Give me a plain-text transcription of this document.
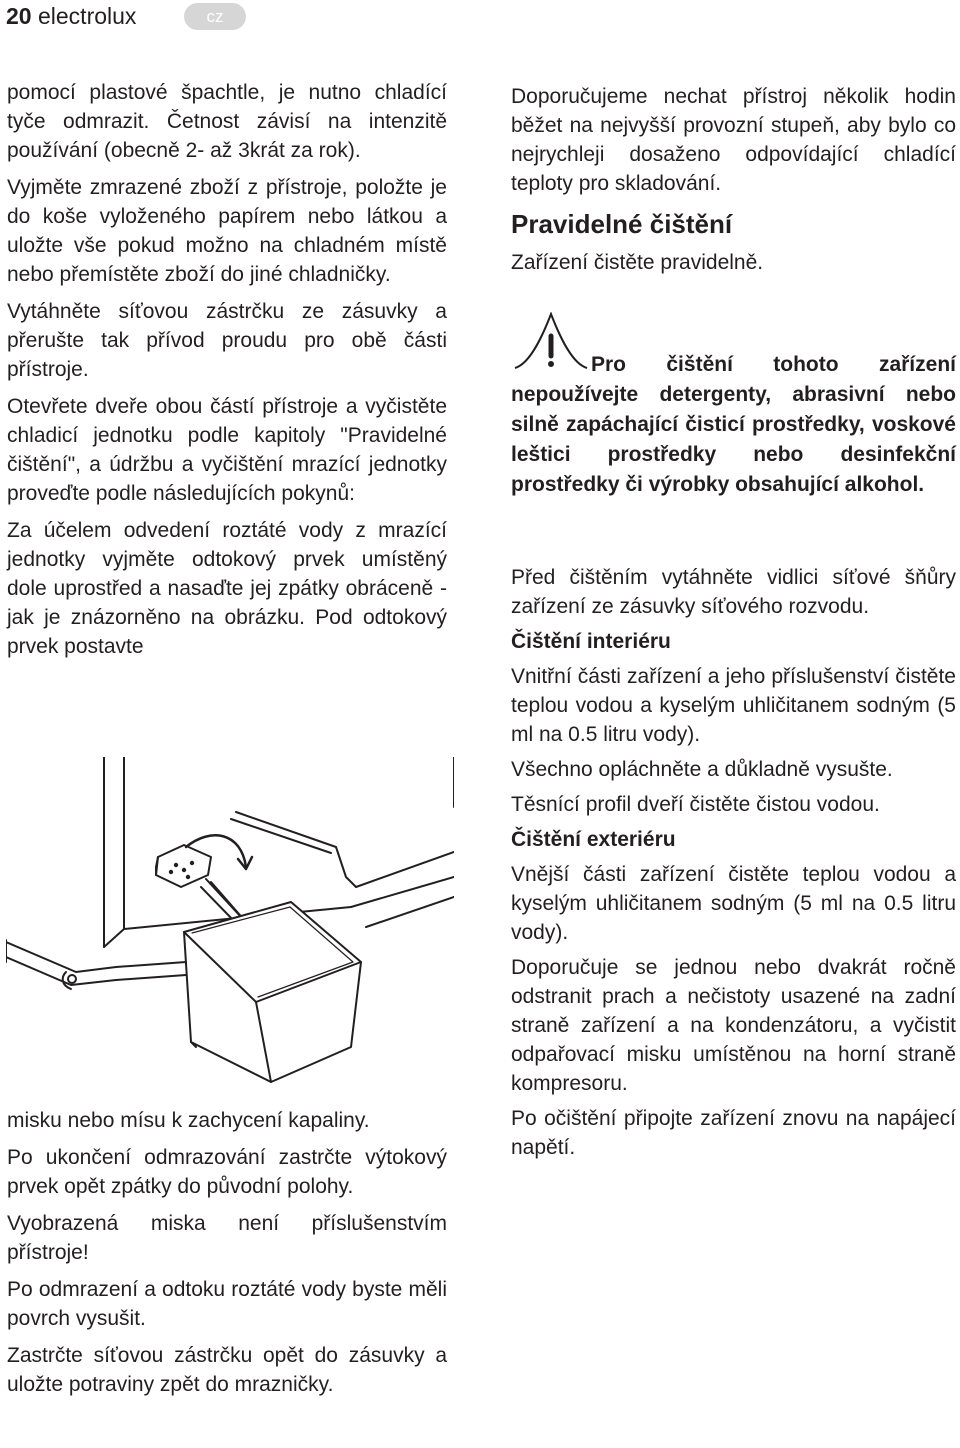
20 electrolux	cz

pomocí plastové špachtle, je nutno chladící tyče odmrazit. Četnost závisí na intenzitě používání (obecně 2- až 3krát za rok).

Vyjměte zmrazené zboží z přístroje, položte je do koše vyloženého papírem nebo látkou a uložte vše pokud možno na chladném místě nebo přemístěte zboží do jiné chladničky.

Vytáhněte síťovou zástrčku ze zásuvky a přerušte tak přívod proudu pro obě části přístroje.

Otevřete dveře obou částí přístroje a vyčistěte chladicí jednotku podle kapitoly "Pravidelné čištění", a údržbu a vyčištění mrazící jednotky proveďte podle následujících pokynů:

Za účelem odvedení roztáté vody z mrazící jednotky vyjměte odtokový prvek umístěný dole uprostřed a nasaďte jej zpátky obráceně - jak je znázorněno na obrázku. Pod odtokový prvek postavte

misku nebo mísu k zachycení kapaliny.

Po ukončení odmrazování zastrčte výtokový prvek opět zpátky do původní polohy.

Vyobrazená miska není příslušenstvím přístroje!

Po odmrazení a odtoku roztáté vody byste měli povrch vysušit.

Zastrčte síťovou zástrčku opět do zásuvky a uložte potraviny zpět do mrazničky.

Doporučujeme nechat přístroj několik hodin běžet na nejvyšší provozní stupeň, aby bylo co nejrychleji dosaženo odpovídající chladící teploty pro skladování.

Pravidelné čištění

Zařízení čistěte pravidelně.

Pro čištění tohoto zařízení nepoužívejte detergenty, abrasivní nebo silně zapáchající čisticí prostředky, voskové leštici prostředky nebo desinfekční prostředky či výrobky obsahující alkohol.

Před čištěním vytáhněte vidlici síťové šňůry zařízení ze zásuvky síťového rozvodu.

Čištění interiéru

Vnitřní části zařízení a jeho příslušenství čistěte teplou vodou a kyselým uhličitanem sodným (5 ml na 0.5 litru vody).

Všechno opláchněte a důkladně vysušte.

Těsnící profil dveří čistěte čistou vodou.

Čištění exteriéru

Vnější části zařízení čistěte teplou vodou a kyselým uhličitanem sodným (5 ml na 0.5 litru vody).

Doporučuje se jednou nebo dvakrát ročně odstranit prach a nečistoty usazené na zadní straně zařízení a na kondenzátoru, a vyčistit odpařovací misku umístěnou na horní straně kompresoru.

Po očištění připojte zařízení znovu na napájecí napětí.
